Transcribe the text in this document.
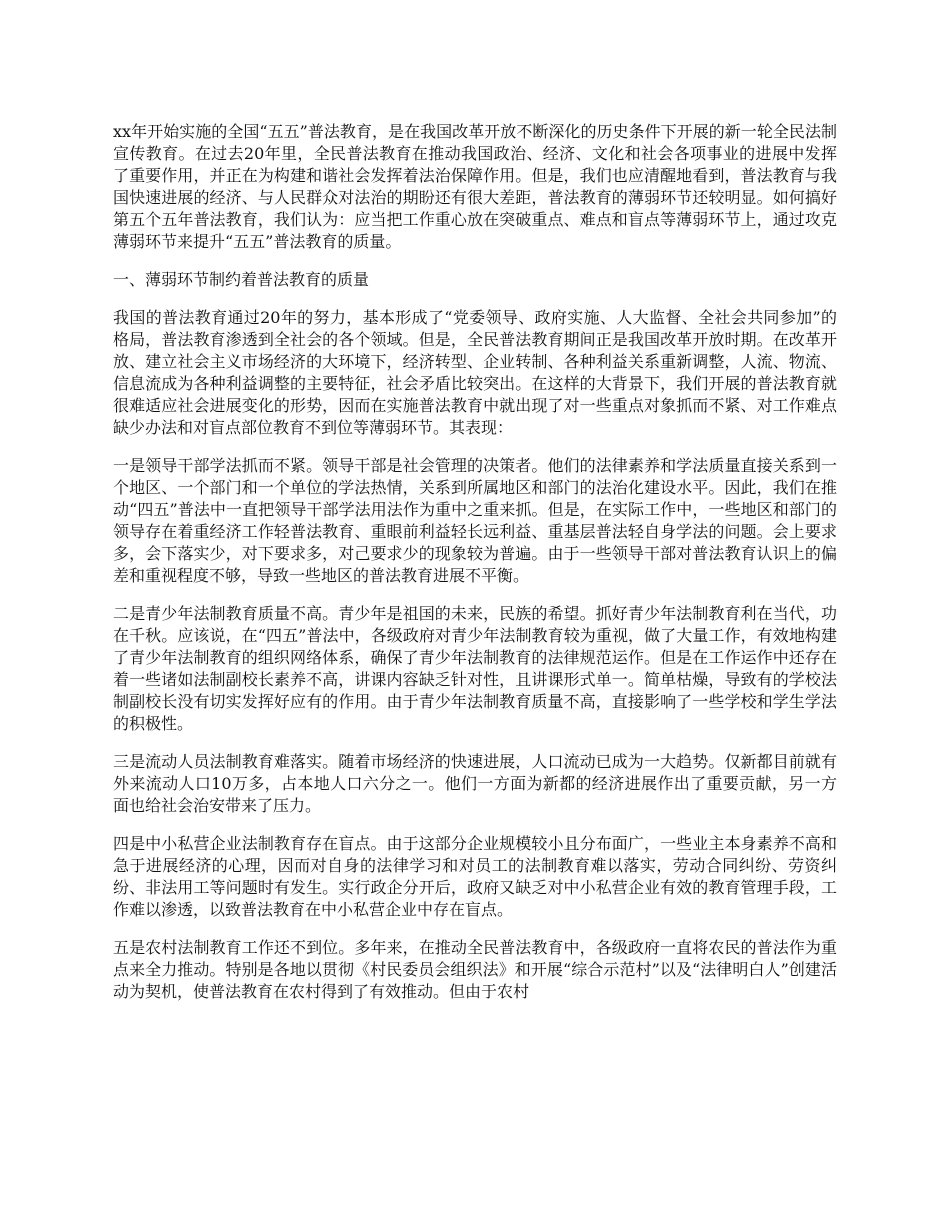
xx年开始实施的全国“五五”普法教育，是在我国改革开放不断深化的历史条件下开展的新一轮全民法制宣传教育。在过去20年里，全民普法教育在推动我国政治、经济、文化和社会各项事业的进展中发挥了重要作用，并正在为构建和谐社会发挥着法治保障作用。但是，我们也应清醒地看到，普法教育与我国快速进展的经济、与人民群众对法治的期盼还有很大差距，普法教育的薄弱环节还较明显。如何搞好第五个五年普法教育，我们认为：应当把工作重心放在突破重点、难点和盲点等薄弱环节上，通过攻克薄弱环节来提升“五五”普法教育的质量。

一、薄弱环节制约着普法教育的质量

我国的普法教育通过20年的努力，基本形成了“党委领导、政府实施、人大监督、全社会共同参加”的格局，普法教育渗透到全社会的各个领域。但是，全民普法教育期间正是我国改革开放时期。在改革开放、建立社会主义市场经济的大环境下，经济转型、企业转制、各种利益关系重新调整，人流、物流、信息流成为各种利益调整的主要特征，社会矛盾比较突出。在这样的大背景下，我们开展的普法教育就很难适应社会进展变化的形势，因而在实施普法教育中就出现了对一些重点对象抓而不紧、对工作难点缺少办法和对盲点部位教育不到位等薄弱环节。其表现：

一是领导干部学法抓而不紧。领导干部是社会管理的决策者。他们的法律素养和学法质量直接关系到一个地区、一个部门和一个单位的学法热情，关系到所属地区和部门的法治化建设水平。因此，我们在推动“四五”普法中一直把领导干部学法用法作为重中之重来抓。但是，在实际工作中，一些地区和部门的领导存在着重经济工作轻普法教育、重眼前利益轻长远利益、重基层普法轻自身学法的问题。会上要求多，会下落实少，对下要求多，对己要求少的现象较为普遍。由于一些领导干部对普法教育认识上的偏差和重视程度不够，导致一些地区的普法教育进展不平衡。

二是青少年法制教育质量不高。青少年是祖国的未来，民族的希望。抓好青少年法制教育利在当代，功在千秋。应该说，在“四五”普法中，各级政府对青少年法制教育较为重视，做了大量工作，有效地构建了青少年法制教育的组织网络体系，确保了青少年法制教育的法律规范运作。但是在工作运作中还存在着一些诸如法制副校长素养不高，讲课内容缺乏针对性，且讲课形式单一。简单枯燥，导致有的学校法制副校长没有切实发挥好应有的作用。由于青少年法制教育质量不高，直接影响了一些学校和学生学法的积极性。

三是流动人员法制教育难落实。随着市场经济的快速进展，人口流动已成为一大趋势。仅新都目前就有外来流动人口10万多，占本地人口六分之一。他们一方面为新都的经济进展作出了重要贡献，另一方面也给社会治安带来了压力。

四是中小私营企业法制教育存在盲点。由于这部分企业规模较小且分布面广，一些业主本身素养不高和急于进展经济的心理，因而对自身的法律学习和对员工的法制教育难以落实，劳动合同纠纷、劳资纠纷、非法用工等问题时有发生。实行政企分开后，政府又缺乏对中小私营企业有效的教育管理手段，工作难以渗透，以致普法教育在中小私营企业中存在盲点。

五是农村法制教育工作还不到位。多年来，在推动全民普法教育中，各级政府一直将农民的普法作为重点来全力推动。特别是各地以贯彻《村民委员会组织法》和开展“综合示范村”以及“法律明白人”创建活动为契机，使普法教育在农村得到了有效推动。但由于农村
